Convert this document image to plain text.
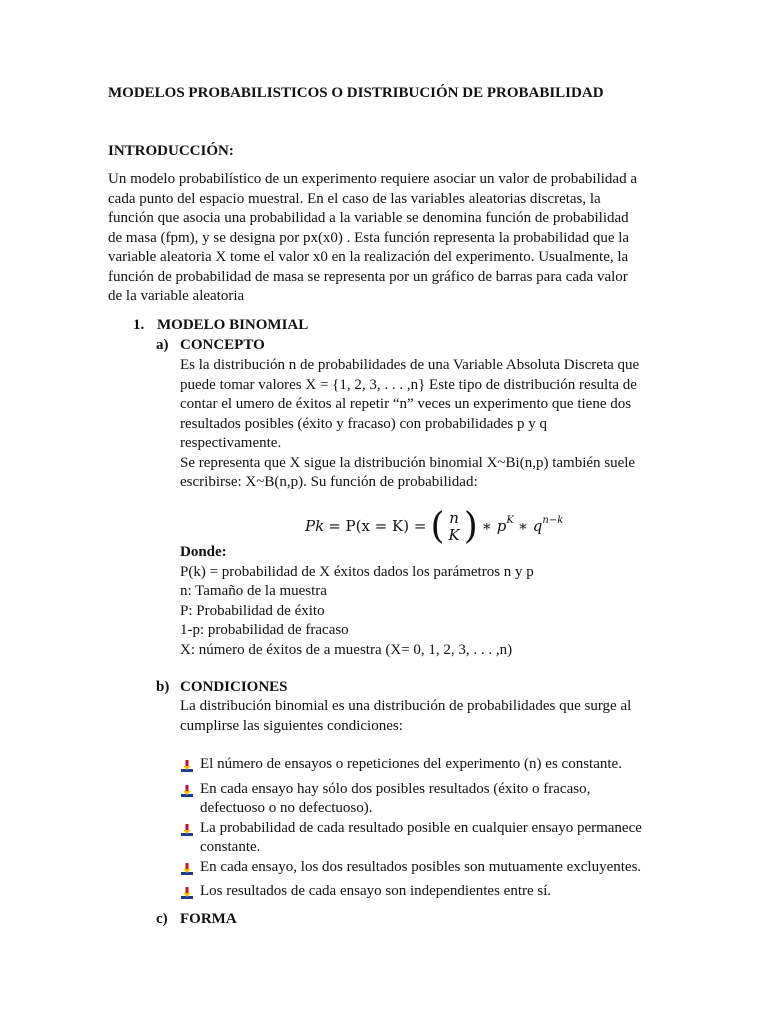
MODELOS PROBABILISTICOS O DISTRIBUCIÓN DE PROBABILIDAD
INTRODUCCIÓN:
Un modelo probabilístico de un experimento requiere asociar un valor de probabilidad a
cada punto del espacio muestral. En el caso de las variables aleatorias discretas, la
función que asocia una probabilidad a la variable se denomina función de probabilidad
de masa (fpm), y se designa por px(x0) . Esta función representa la probabilidad que la
variable aleatoria X tome el valor x0 en la realización del experimento. Usualmente, la
función de probabilidad de masa se representa por un gráfico de barras para cada valor
de la variable aleatoria
1. MODELO BINOMIAL
a) CONCEPTO
Es la distribución n de probabilidades de una Variable Absoluta Discreta que
puede tomar valores X = {1, 2, 3, . . . ,n} Este tipo de distribución resulta de
contar el umero de éxitos al repetir “n” veces un experimento que tiene dos
resultados posibles (éxito y fracaso) con probabilidades p y q
respectivamente.
Se representa que X sigue la distribución binomial X~Bi(n,p) también suele
escribirse: X~B(n,p). Su función de probabilidad:
Pk = P(x = K) = ( n
K ) ∗ $p^K$ ∗ $q^{n-k}$
Donde:
P(k) = probabilidad de X éxitos dados los parámetros n y p
n: Tamaño de la muestra
P: Probabilidad de éxito
1-p: probabilidad de fracaso
X: número de éxitos de a muestra (X= 0, 1, 2, 3, . . . ,n)
b) CONDICIONES
La distribución binomial es una distribución de probabilidades que surge al
cumplirse las siguientes condiciones:
El número de ensayos o repeticiones del experimento (n) es constante.
En cada ensayo hay sólo dos posibles resultados (éxito o fracaso,
defectuoso o no defectuoso).
La probabilidad de cada resultado posible en cualquier ensayo permanece
constante.
En cada ensayo, los dos resultados posibles son mutuamente excluyentes.
Los resultados de cada ensayo son independientes entre sí.
c) FORMA
